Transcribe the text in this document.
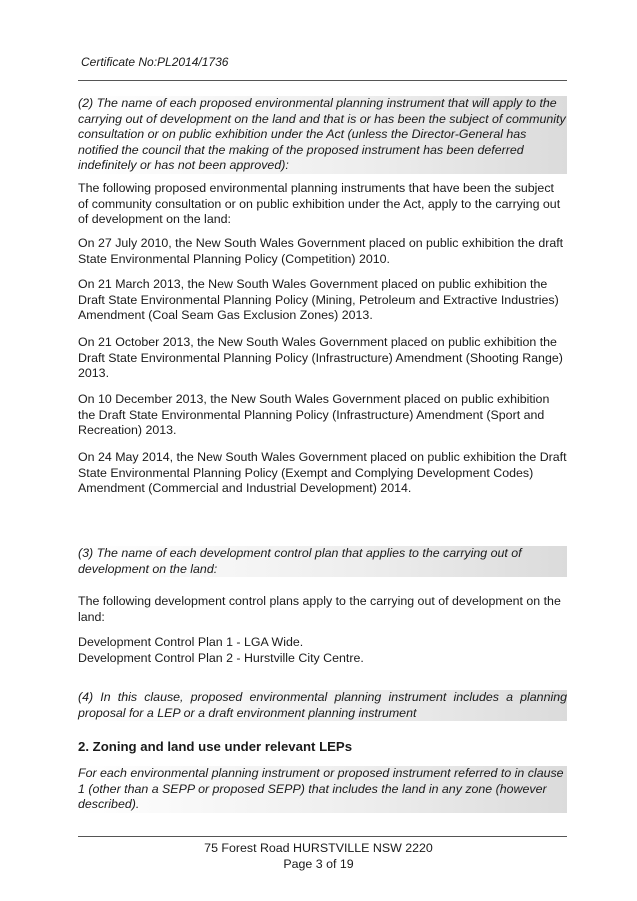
Certificate No:PL2014/1736
(2) The name of each proposed environmental planning instrument that will apply to the carrying out of development on the land and that is or has been the subject of community consultation or on public exhibition under the Act (unless the Director-General has notified the council that the making of the proposed instrument has been deferred indefinitely or has not been approved):
The following proposed environmental planning instruments that have been the subject of community consultation or on public exhibition under the Act, apply to the carrying out of development on the land:
On 27 July 2010, the New South Wales Government placed on public exhibition the draft State Environmental Planning Policy (Competition) 2010.
On 21 March 2013, the New South Wales Government placed on public exhibition the Draft State Environmental Planning Policy (Mining, Petroleum and Extractive Industries) Amendment (Coal Seam Gas Exclusion Zones) 2013.
On 21 October 2013, the New South Wales Government placed on public exhibition the Draft State Environmental Planning Policy (Infrastructure) Amendment (Shooting Range) 2013.
On 10 December 2013, the New South Wales Government placed on public exhibition the Draft State Environmental Planning Policy (Infrastructure) Amendment (Sport and Recreation) 2013.
On 24 May 2014, the New South Wales Government placed on public exhibition the Draft State Environmental Planning Policy (Exempt and Complying Development Codes) Amendment (Commercial and Industrial Development) 2014.
(3) The name of each development control plan that applies to the carrying out of development on the land:
The following development control plans apply to the carrying out of development on the land:
Development Control Plan 1 - LGA Wide.
Development Control Plan 2 - Hurstville City Centre.
(4) In this clause, proposed environmental planning instrument includes a planning proposal for a LEP or a draft environment planning instrument
2. Zoning and land use under relevant LEPs
For each environmental planning instrument or proposed instrument referred to in clause 1 (other than a SEPP or proposed SEPP) that includes the land in any zone (however described).
75 Forest Road HURSTVILLE NSW 2220
Page 3 of 19
